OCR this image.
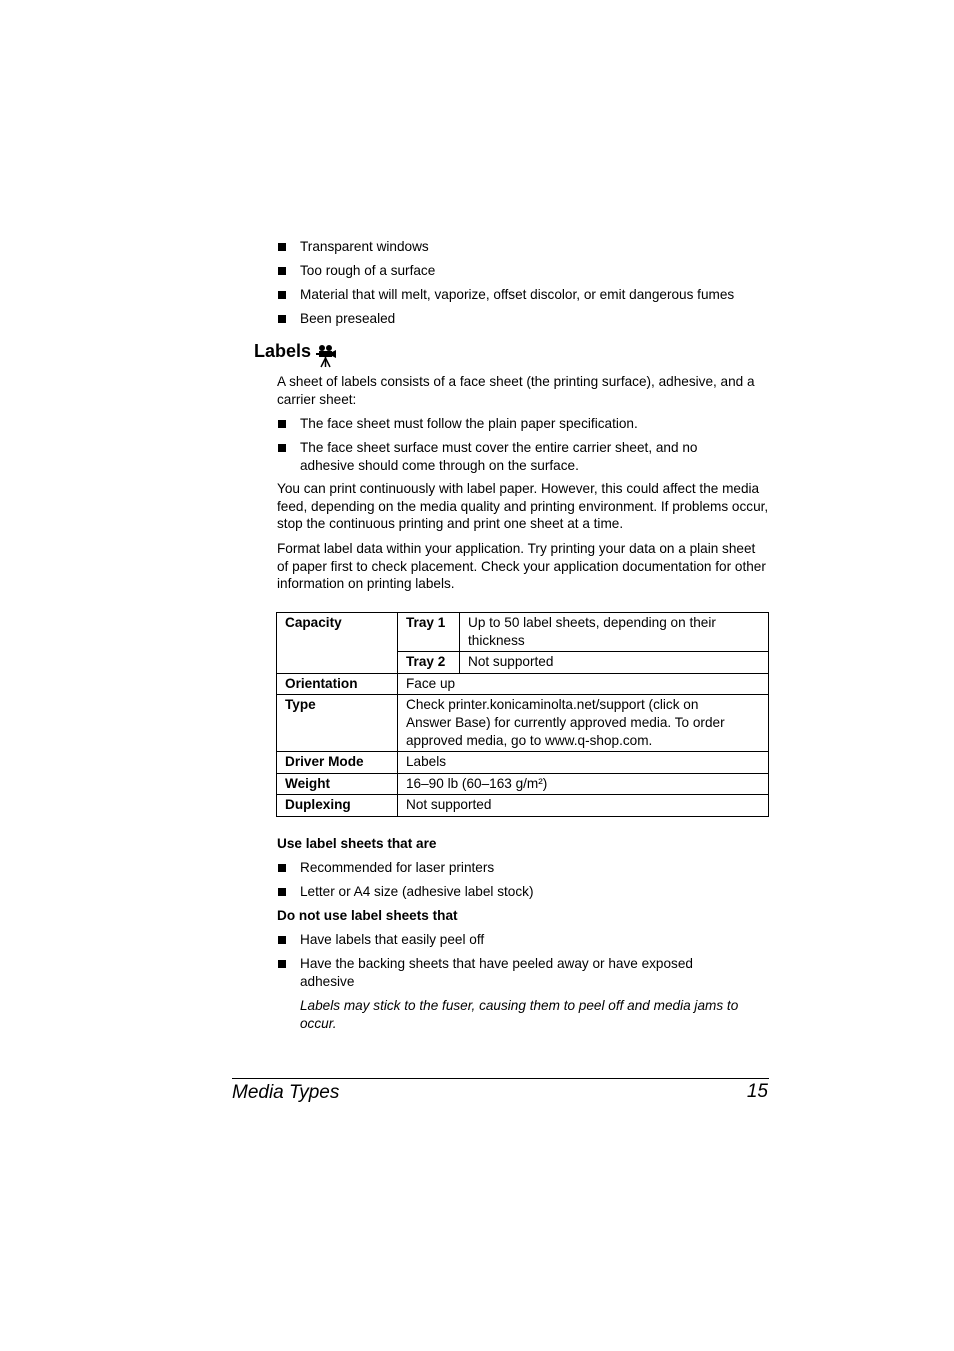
Transparent windows
Too rough of a surface
Material that will melt, vaporize, offset discolor, or emit dangerous fumes
Been presealed
Labels

A sheet of labels consists of a face sheet (the printing surface), adhesive, and a carrier sheet:

The face sheet must follow the plain paper specification.
The face sheet surface must cover the entire carrier sheet, and no adhesive should come through on the surface.

You can print continuously with label paper. However, this could affect the media feed, depending on the media quality and printing environment. If problems occur, stop the continuous printing and print one sheet at a time.

Format label data within your application. Try printing your data on a plain sheet of paper first to check placement. Check your application documentation for other information on printing labels.

Capacity	Tray 1	Up to 50 label sheets, depending on their thickness
	Tray 2	Not supported
Orientation	Face up	
Type	Check printer.konicaminolta.net/support (click on Answer Base) for currently approved media. To order approved media, go to www.q-shop.com.	
Driver Mode	Labels	
Weight	16–90 lb (60–163 g/m²)	
Duplexing	Not supported	

Use label sheets that are

Recommended for laser printers
Letter or A4 size (adhesive label stock)

Do not use label sheets that

Have labels that easily peel off
Have the backing sheets that have peeled away or have exposed adhesive

Labels may stick to the fuser, causing them to peel off and media jams to occur.

Media Types	15
